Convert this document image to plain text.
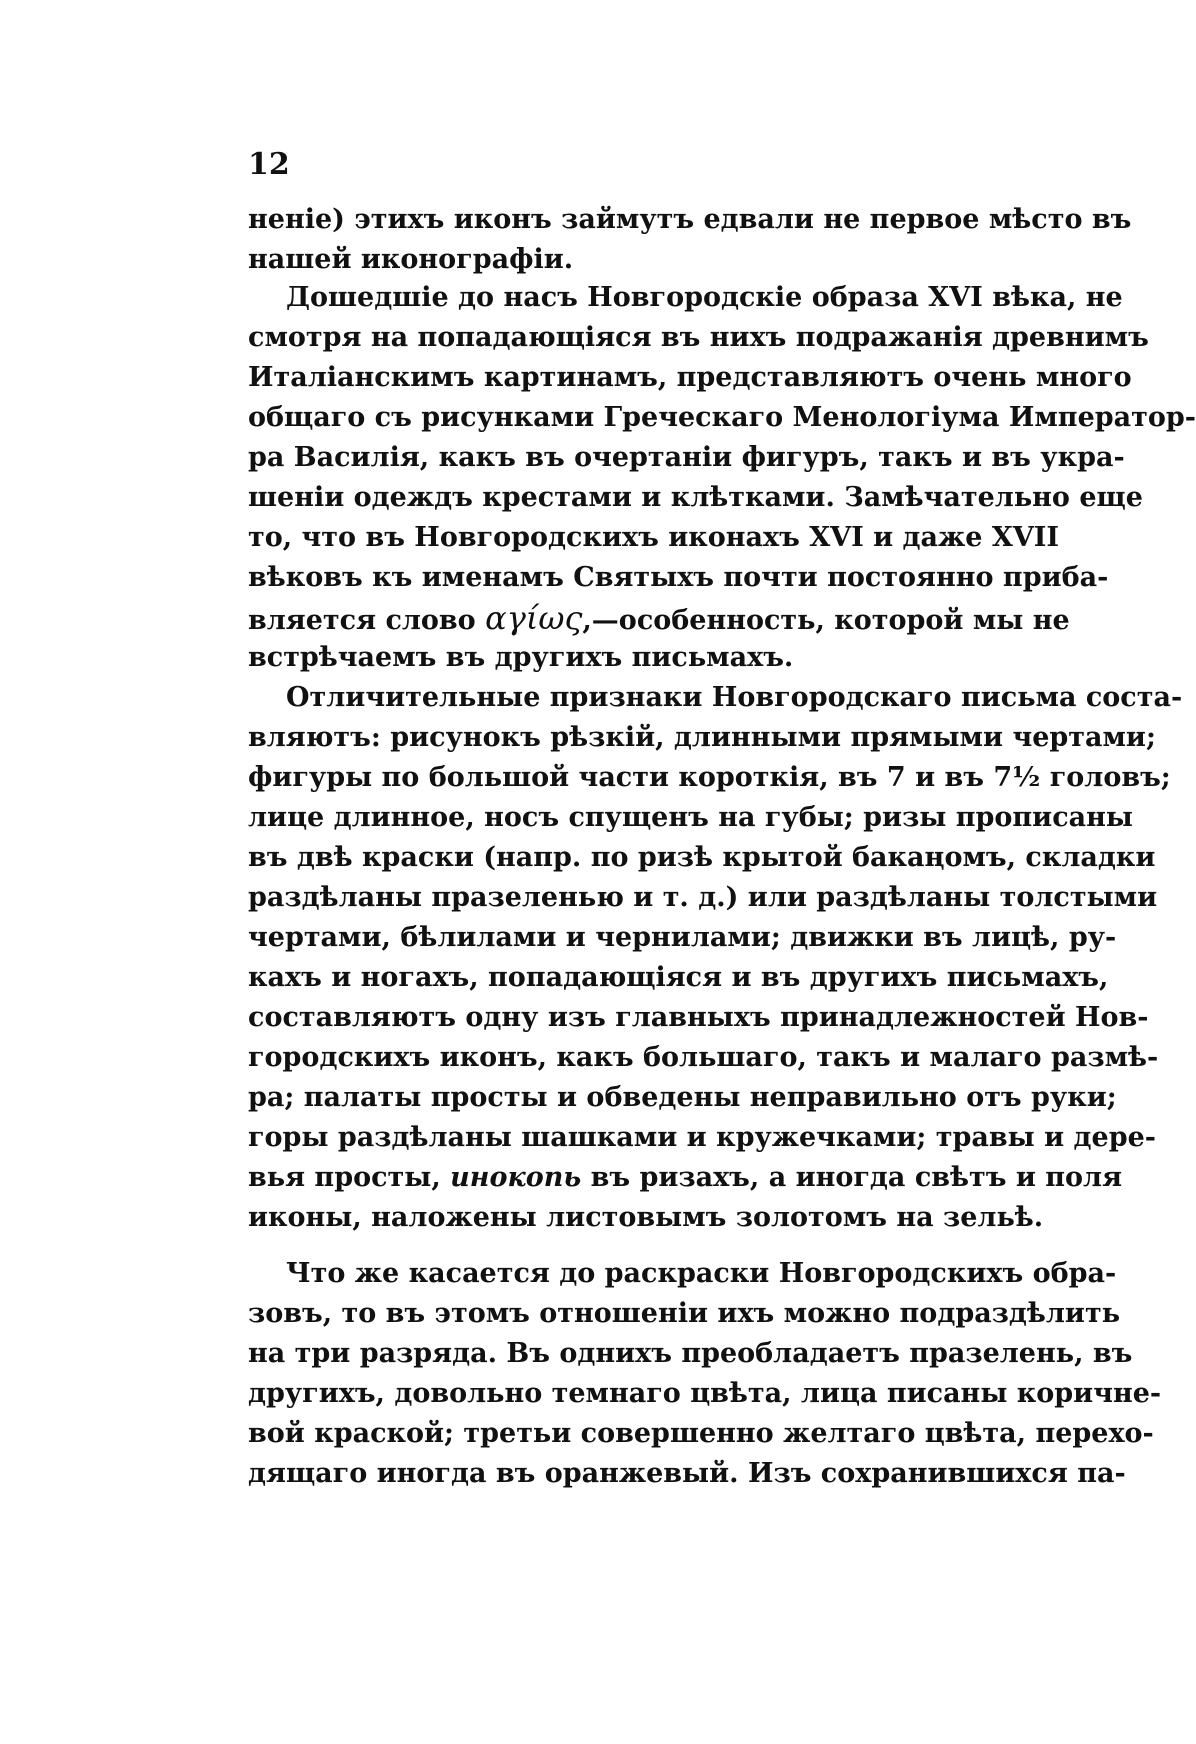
12
неніе) этихъ иконъ займутъ едвали не первое мѣсто въ
нашей иконографіи.
Дошедшіе до насъ Новгородскіе образа XVI вѣка, не
смотря на попадающіяся въ нихъ подражанія древнимъ
Италіанскимъ картинамъ, представляютъ очень много
общаго съ рисунками Греческаго Менологіума Император-
ра Василія, какъ въ очертаніи фигуръ, такъ и въ укра-
шеніи одеждъ крестами и клѣтками. Замѣчательно еще
то, что въ Новгородскихъ иконахъ XVI и даже XVII
вѣковъ къ именамъ Святыхъ почти постоянно приба-
вляется слово αγίως,—особенность, которой мы не
встрѣчаемъ въ другихъ письмахъ.
Отличительные признаки Новгородскаго письма соста-
вляютъ: рисунокъ рѣзкій, длинными прямыми чертами;
фигуры по большой части короткія, въ 7 и въ 7½ головъ;
лице длинное, носъ спущенъ на губы; ризы прописаны
въ двѣ краски (напр. по ризѣ крытой бакаңомъ, складки
раздѣланы празеленью и т. д.) или раздѣланы толстыми
чертами, бѣлилами и чернилами; движки въ лицѣ, ру-
кахъ и ногахъ, попадающіяся и въ другихъ письмахъ,
составляютъ одну изъ главныхъ принадлежностей Нов-
городскихъ иконъ, какъ большаго, такъ и малаго размѣ-
ра; палаты просты и обведены неправильно отъ руки;
горы раздѣланы шашками и кружечками; травы и дере-
вья просты, инокопь въ ризахъ, а иногда свѣтъ и поля
иконы, наложены листовымъ золотомъ на зельѣ.
Что же касается до раскраски Новгородскихъ обра-
зовъ, то въ этомъ отношеніи ихъ можно подраздѣлить
на три разряда. Въ однихъ преобладаетъ празелень, въ
другихъ, довольно темнаго цвѣта, лица писаны коричне-
вой краской; третьи совершенно желтаго цвѣта, перехо-
дящаго иногда въ оранжевый. Изъ сохранившихся па-
